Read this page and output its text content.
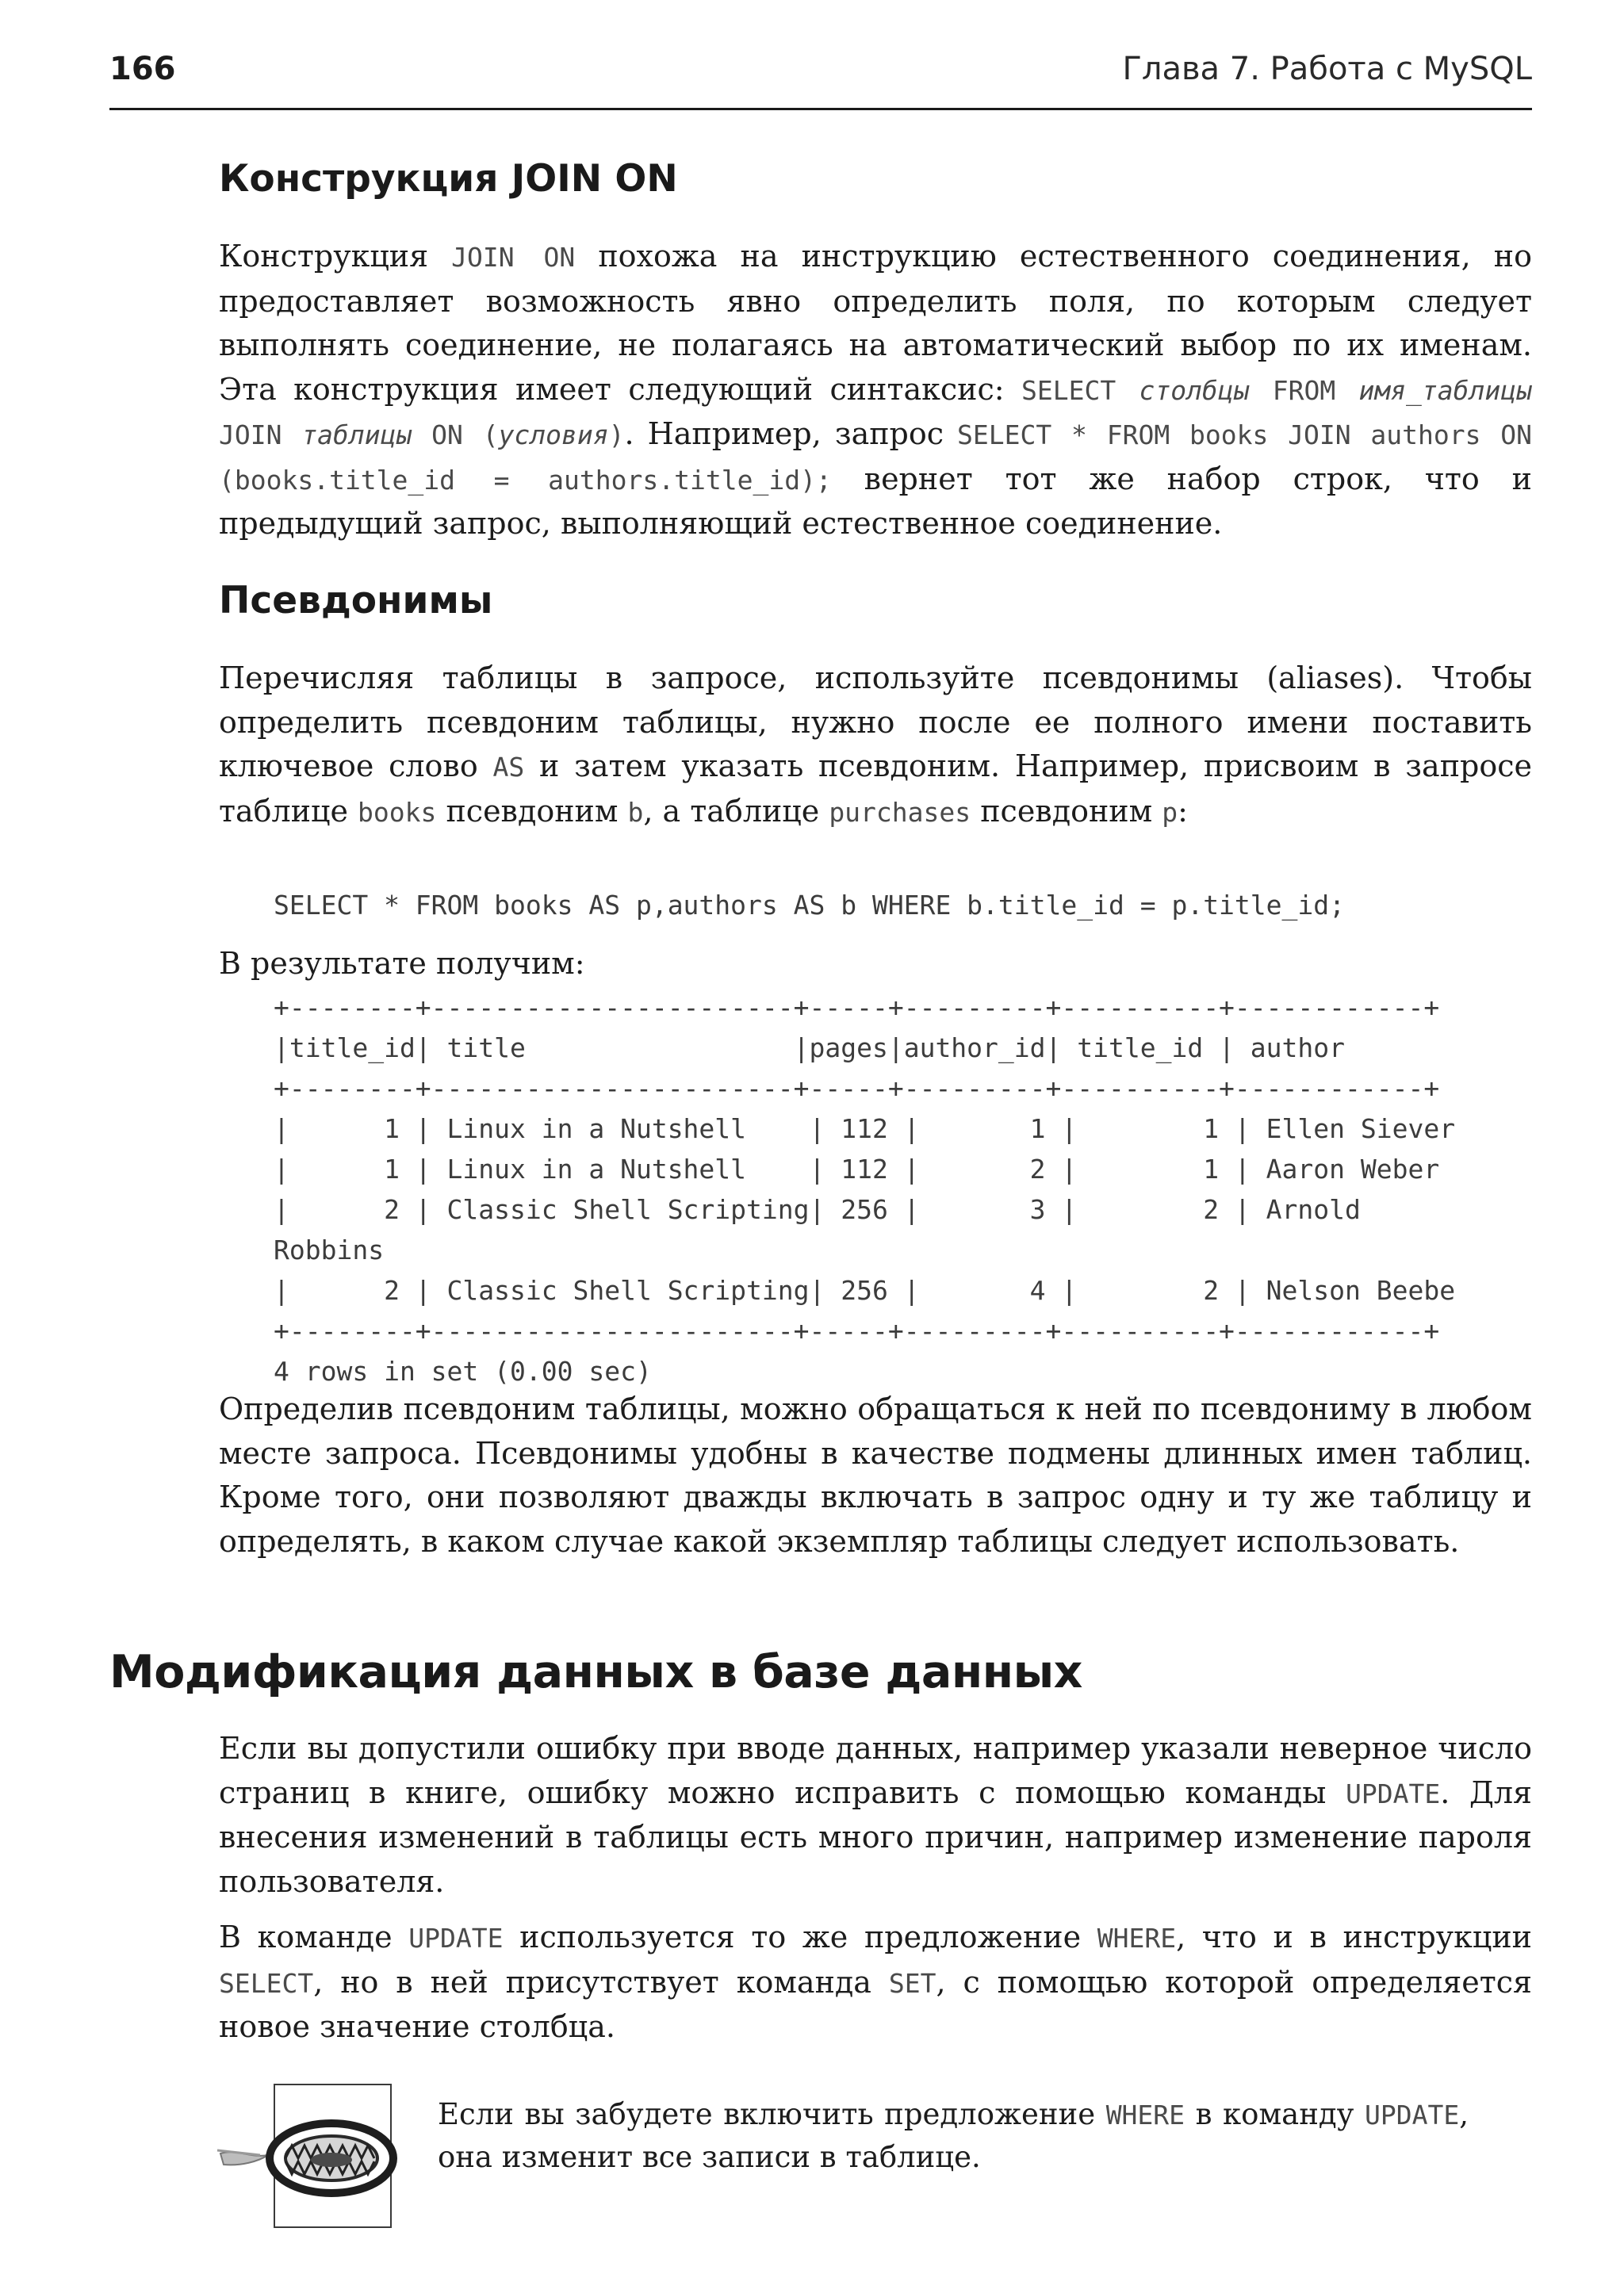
166	Глава 7. Работа с MySQL
Конструкция JOIN ON

Конструкция JOIN ON похожа на инструкцию естественного соединения, но предоставляет возможность явно определить поля, по которым следует выполнять соединение, не полагаясь на автоматический выбор по их именам. Эта конструкция имеет следующий синтаксис: SELECT столбцы FROM имя_таблицы JOIN таблицы ON (условия). Например, запрос SELECT * FROM books JOIN authors ON (books.title_id = authors.title_id); вернет тот же набор строк, что и предыдущий запрос, выполняющий естественное соединение.

Псевдонимы

Перечисляя таблицы в запросе, используйте псевдонимы (aliases). Чтобы определить псевдоним таблицы, нужно после ее полного имени поставить ключевое слово AS и затем указать псевдоним. Например, присвоим в запросе таблице books псевдоним b, а таблице purchases псевдоним p:

SELECT * FROM books AS p,authors AS b WHERE b.title_id = p.title_id;

В результате получим:

+--------+-----------------------+-----+---------+----------+------------+
|title_id| title                 |pages|author_id| title_id | author
+--------+-----------------------+-----+---------+----------+------------+
|      1 | Linux in a Nutshell    | 112 |       1 |        1 | Ellen Siever
|      1 | Linux in a Nutshell    | 112 |       2 |        1 | Aaron Weber
|      2 | Classic Shell Scripting| 256 |       3 |        2 | Arnold
Robbins
|      2 | Classic Shell Scripting| 256 |       4 |        2 | Nelson Beebe
+--------+-----------------------+-----+---------+----------+------------+
4 rows in set (0.00 sec)

Определив псевдоним таблицы, можно обращаться к ней по псевдониму в любом месте запроса. Псевдонимы удобны в качестве подмены длинных имен таблиц. Кроме того, они позволяют дважды включать в запрос одну и ту же таблицу и определять, в каком случае какой экземпляр таблицы следует использовать.

Модификация данных в базе данных

Если вы допустили ошибку при вводе данных, например указали неверное число страниц в книге, ошибку можно исправить с помощью команды UPDATE. Для внесения изменений в таблицы есть много причин, например изменение пароля пользователя.

В команде UPDATE используется то же предложение WHERE, что и в инструкции SELECT, но в ней присутствует команда SET, с помощью которой определяется новое значение столбца.

Если вы забудете включить предложение WHERE в команду UPDATE, она изменит все записи в таблице.
